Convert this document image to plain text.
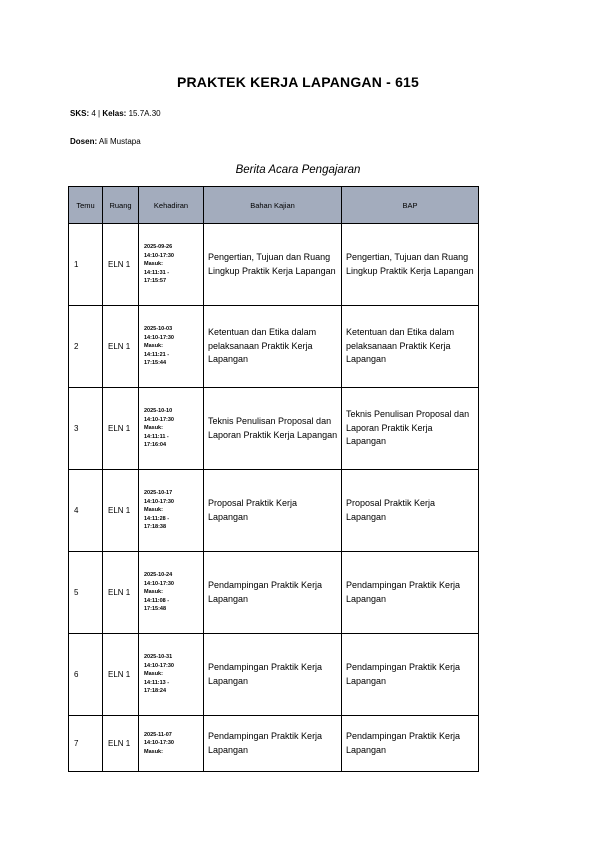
PRAKTEK KERJA LAPANGAN - 615
SKS: 4 | Kelas: 15.7A.30
Dosen: Ali Mustapa
Berita Acara Pengajaran
Temu	Ruang	Kehadiran	Bahan Kajian	BAP
1	ELN 1	2025-09-26
14:10-17:30
Masuk:
14:11:31 -
17:15:57	Pengertian, Tujuan dan Ruang Lingkup Praktik Kerja Lapangan	Pengertian, Tujuan dan Ruang Lingkup Praktik Kerja Lapangan
2	ELN 1	2025-10-03
14:10-17:30
Masuk:
14:11:21 -
17:15:44	Ketentuan dan Etika dalam pelaksanaan Praktik Kerja Lapangan	Ketentuan dan Etika dalam pelaksanaan Praktik Kerja Lapangan
3	ELN 1	2025-10-10
14:10-17:30
Masuk:
14:11:11 -
17:16:04	Teknis Penulisan Proposal dan Laporan Praktik Kerja Lapangan	Teknis Penulisan Proposal dan Laporan Praktik Kerja Lapangan
4	ELN 1	2025-10-17
14:10-17:30
Masuk:
14:11:28 -
17:18:38	Proposal Praktik Kerja Lapangan	Proposal Praktik Kerja Lapangan
5	ELN 1	2025-10-24
14:10-17:30
Masuk:
14:11:08 -
17:15:48	Pendampingan Praktik Kerja Lapangan	Pendampingan Praktik Kerja Lapangan
6	ELN 1	2025-10-31
14:10-17:30
Masuk:
14:11:13 -
17:18:24	Pendampingan Praktik Kerja Lapangan	Pendampingan Praktik Kerja Lapangan
7	ELN 1	2025-11-07
14:10-17:30
Masuk:	Pendampingan Praktik Kerja Lapangan	Pendampingan Praktik Kerja Lapangan
